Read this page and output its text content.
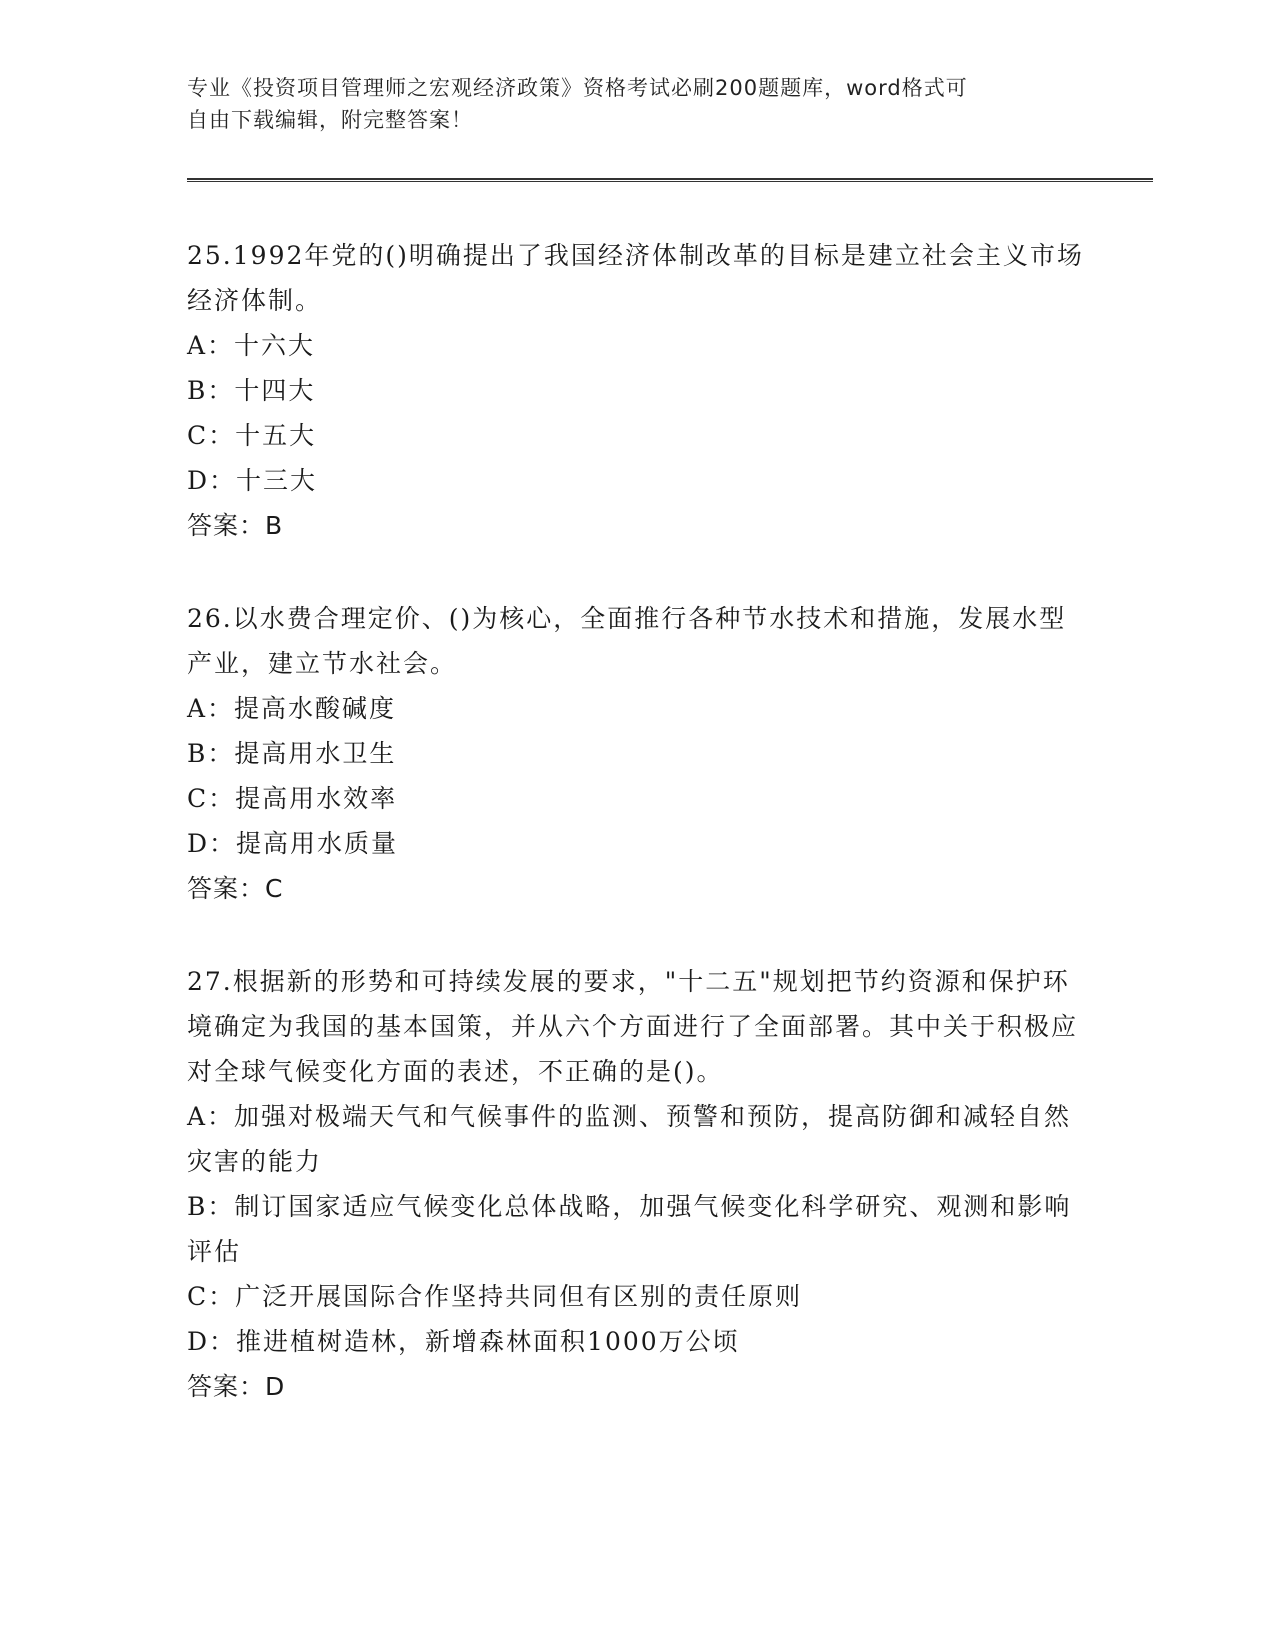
专业《投资项目管理师之宏观经济政策》资格考试必刷200题题库，word格式可
自由下载编辑，附完整答案！

25.1992年党的()明确提出了我国经济体制改革的目标是建立社会主义市场经济体制。

A：十六大

B：十四大

C：十五大

D：十三大

答案：B

26.以水费合理定价、()为核心，全面推行各种节水技术和措施，发展水型产业，建立节水社会。

A：提高水酸碱度

B：提高用水卫生

C：提高用水效率

D：提高用水质量

答案：C

27.根据新的形势和可持续发展的要求，"十二五"规划把节约资源和保护环境确定为我国的基本国策，并从六个方面进行了全面部署。其中关于积极应对全球气候变化方面的表述，不正确的是()。

A：加强对极端天气和气候事件的监测、预警和预防，提高防御和减轻自然灾害的能力

B：制订国家适应气候变化总体战略，加强气候变化科学研究、观测和影响评估

C：广泛开展国际合作坚持共同但有区别的责任原则

D：推进植树造林，新增森林面积1000万公顷

答案：D
